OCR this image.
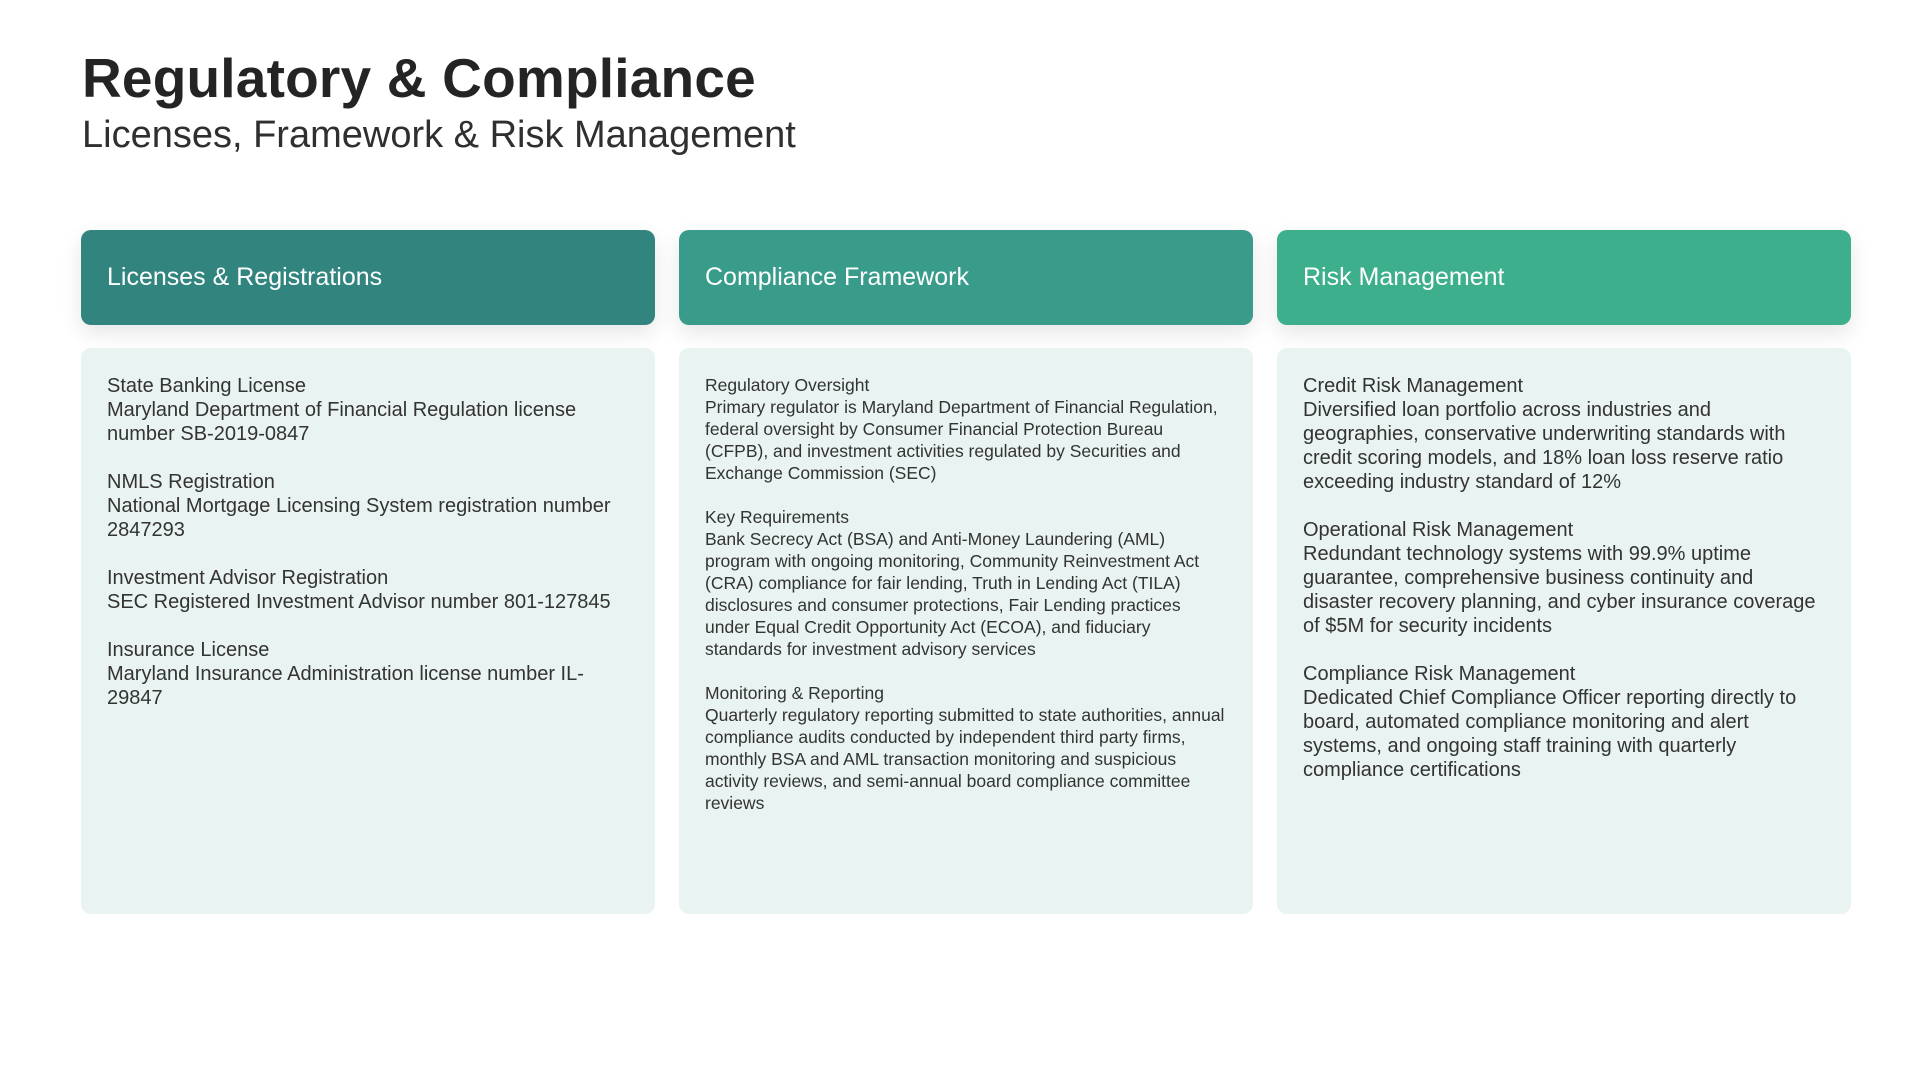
Regulatory & Compliance
Licenses, Framework & Risk Management
Licenses & Registrations
State Banking License
Maryland Department of Financial Regulation license number SB-2019-0847
NMLS Registration
National Mortgage Licensing System registration number 2847293
Investment Advisor Registration
SEC Registered Investment Advisor number 801-127845
Insurance License
Maryland Insurance Administration license number IL-29847
Compliance Framework
Regulatory Oversight
Primary regulator is Maryland Department of Financial Regulation, federal oversight by Consumer Financial Protection Bureau (CFPB), and investment activities regulated by Securities and Exchange Commission (SEC)
Key Requirements
Bank Secrecy Act (BSA) and Anti-Money Laundering (AML) program with ongoing monitoring, Community Reinvestment Act (CRA) compliance for fair lending, Truth in Lending Act (TILA) disclosures and consumer protections, Fair Lending practices under Equal Credit Opportunity Act (ECOA), and fiduciary standards for investment advisory services
Monitoring & Reporting
Quarterly regulatory reporting submitted to state authorities, annual compliance audits conducted by independent third party firms, monthly BSA and AML transaction monitoring and suspicious activity reviews, and semi-annual board compliance committee reviews
Risk Management
Credit Risk Management
Diversified loan portfolio across industries and geographies, conservative underwriting standards with credit scoring models, and 18% loan loss reserve ratio exceeding industry standard of 12%
Operational Risk Management
Redundant technology systems with 99.9% uptime guarantee, comprehensive business continuity and disaster recovery planning, and cyber insurance coverage of $5M for security incidents
Compliance Risk Management
Dedicated Chief Compliance Officer reporting directly to board, automated compliance monitoring and alert systems, and ongoing staff training with quarterly compliance certifications
